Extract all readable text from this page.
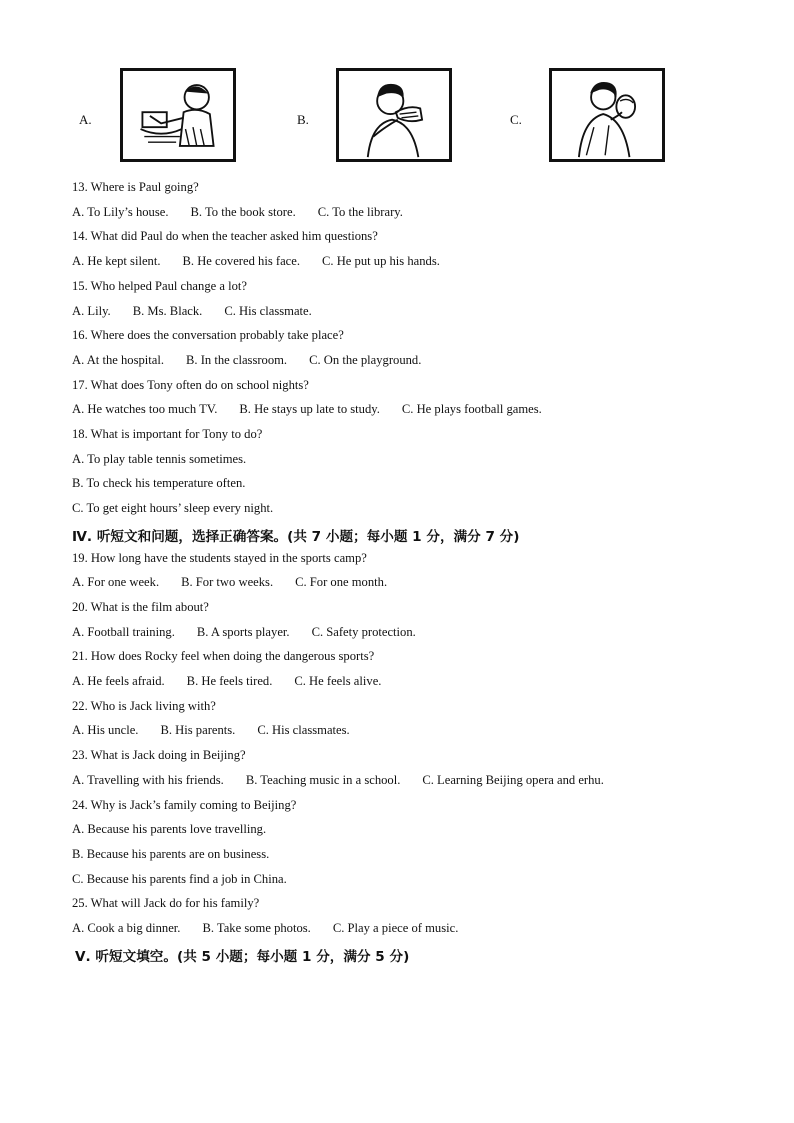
A.	B.	C.
13. Where is Paul going?
A. To Lily’s house. B. To the book store. C. To the library.
14. What did Paul do when the teacher asked him questions?
A. He kept silent. B. He covered his face. C. He put up his hands.
15. Who helped Paul change a lot?
A. Lily. B. Ms. Black. C. His classmate.
16. Where does the conversation probably take place?
A. At the hospital. B. In the classroom. C. On the playground.
17. What does Tony often do on school nights?
A. He watches too much TV. B. He stays up late to study. C. He plays football games.
18. What is important for Tony to do?
A. To play table tennis sometimes.
B. To check his temperature often.
C. To get eight hours’ sleep every night.
Ⅳ. 听短文和问题，选择正确答案。(共 7 小题；每小题 1 分，满分 7 分)
19. How long have the students stayed in the sports camp?
A. For one week. B. For two weeks. C. For one month.
20. What is the film about?
A. Football training. B. A sports player. C. Safety protection.
21. How does Rocky feel when doing the dangerous sports?
A. He feels afraid. B. He feels tired. C. He feels alive.
22. Who is Jack living with?
A. His uncle. B. His parents. C. His classmates.
23. What is Jack doing in Beijing?
A. Travelling with his friends. B. Teaching music in a school. C. Learning Beijing opera and erhu.
24. Why is Jack’s family coming to Beijing?
A. Because his parents love travelling.
B. Because his parents are on business.
C. Because his parents find a job in China.
25. What will Jack do for his family?
A. Cook a big dinner. B. Take some photos. C. Play a piece of music.
Ⅴ. 听短文填空。(共 5 小题；每小题 1 分，满分 5 分)
